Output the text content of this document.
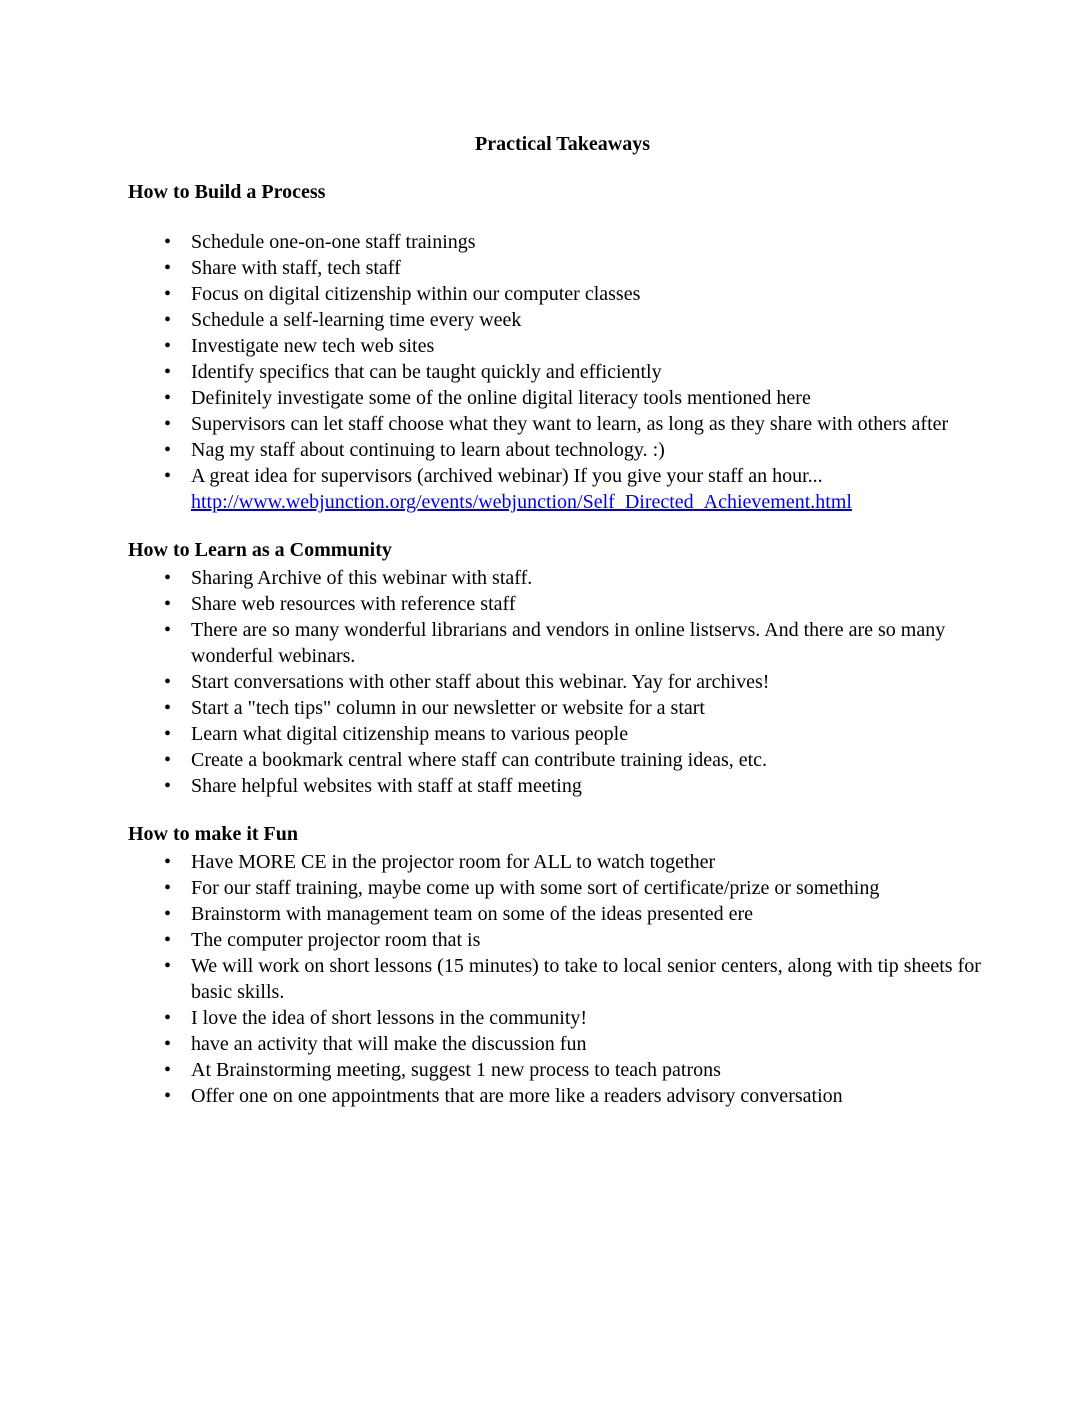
Practical Takeaways
How to Build a Process
• Schedule one-on-one staff trainings
• Share with staff, tech staff
• Focus on digital citizenship within our computer classes
• Schedule a self-learning time every week
• Investigate new tech web sites
• Identify specifics that can be taught quickly and efficiently
• Definitely investigate some of the online digital literacy tools mentioned here
• Supervisors can let staff choose what they want to learn, as long as they share with others after
• Nag my staff about continuing to learn about technology. :)
• A great idea for supervisors (archived webinar) If you give your staff an hour... http://www.webjunction.org/events/webjunction/Self_Directed_Achievement.html
How to Learn as a Community
• Sharing Archive of this webinar with staff.
• Share web resources with reference staff
• There are so many wonderful librarians and vendors in online listservs. And there are so many wonderful webinars.
• Start conversations with other staff about this webinar. Yay for archives!
• Start a "tech tips" column in our newsletter or website for a start
• Learn what digital citizenship means to various people
• Create a bookmark central where staff can contribute training ideas, etc.
• Share helpful websites with staff at staff meeting
How to make it Fun
• Have MORE CE in the projector room for ALL to watch together
• For our staff training, maybe come up with some sort of certificate/prize or something
• Brainstorm with management team on some of the ideas presented ere
• The computer projector room that is
• We will work on short lessons (15 minutes) to take to local senior centers, along with tip sheets for basic skills.
• I love the idea of short lessons in the community!
• have an activity that will make the discussion fun
• At Brainstorming meeting, suggest 1 new process to teach patrons
• Offer one on one appointments that are more like a readers advisory conversation
